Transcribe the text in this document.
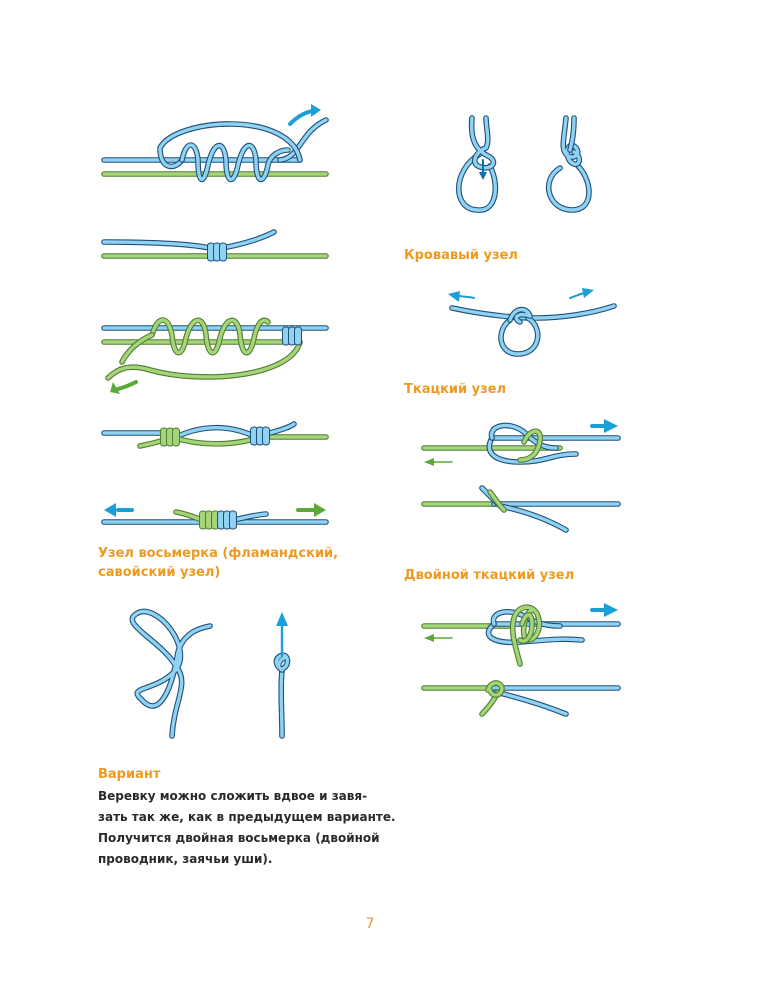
Кровавый узел

Ткацкий узел

Двойной ткацкий узел

Узел восьмерка (фламандский,

савойский узел)

Вариант

Веревку можно сложить вдвое и завя-

зать так же, как в предыдущем варианте.

Получится двойная восьмерка (двойной

проводник, заячьи уши).

7
